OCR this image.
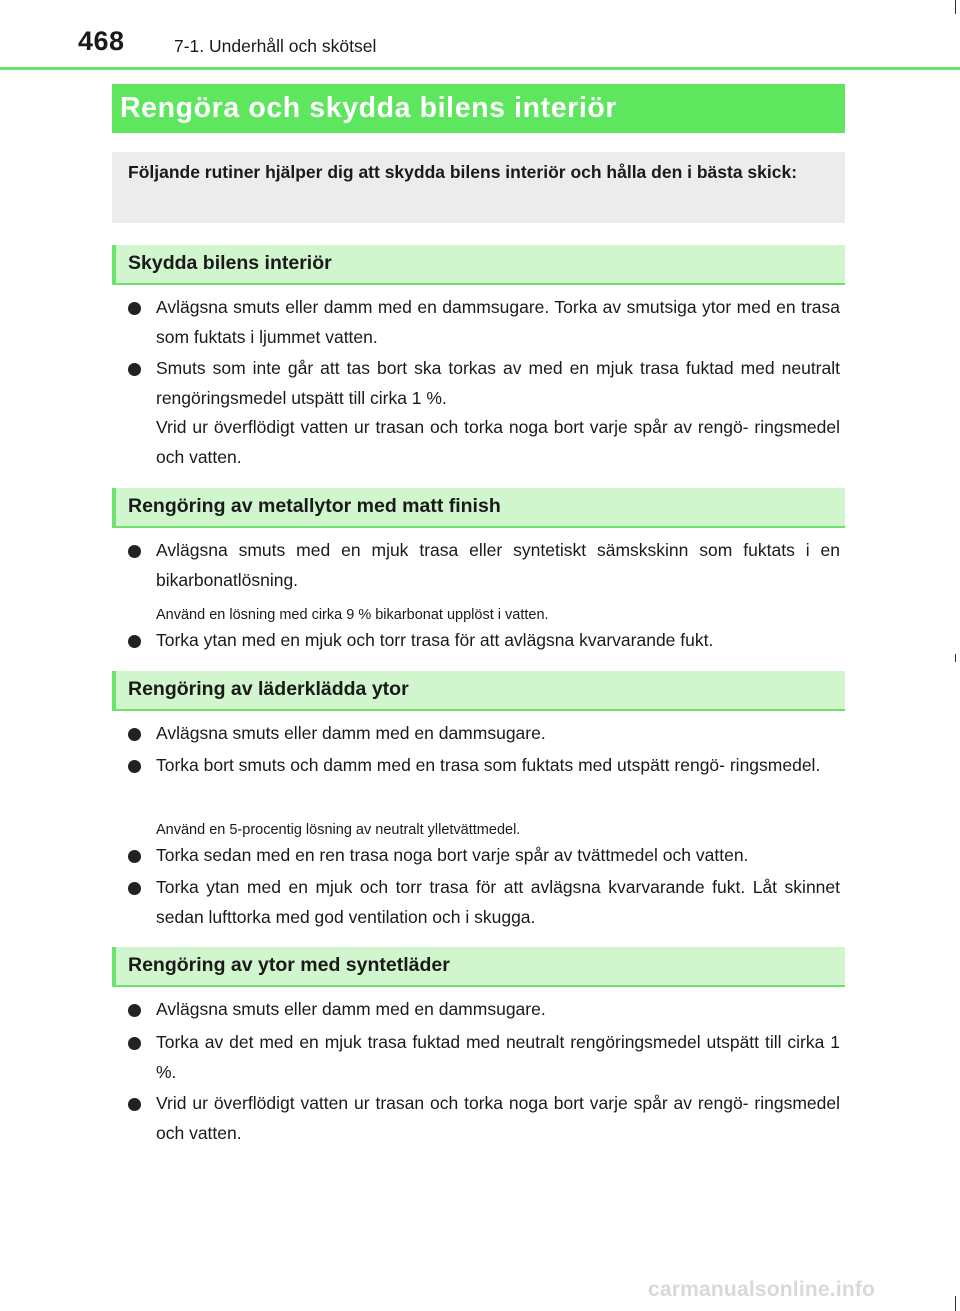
468	7-1. Underhåll och skötsel
Rengöra och skydda bilens interiör
Följande rutiner hjälper dig att skydda bilens interiör och hålla den i bästa skick:
Skydda bilens interiör
Avlägsna smuts eller damm med en dammsugare. Torka av smutsiga ytor med en trasa som fuktats i ljummet vatten.
Smuts som inte går att tas bort ska torkas av med en mjuk trasa fuktad med neutralt rengöringsmedel utspätt till cirka 1 %.
Vrid ur överflödigt vatten ur trasan och torka noga bort varje spår av rengö- ringsmedel och vatten.
Rengöring av metallytor med matt finish
Avlägsna smuts med en mjuk trasa eller syntetiskt sämskskinn som fuktats i en bikarbonatlösning.
Använd en lösning med cirka 9 % bikarbonat upplöst i vatten.
Torka ytan med en mjuk och torr trasa för att avlägsna kvarvarande fukt.
Rengöring av läderklädda ytor
Avlägsna smuts eller damm med en dammsugare.
Torka bort smuts och damm med en trasa som fuktats med utspätt rengö- ringsmedel.
Använd en 5-procentig lösning av neutralt ylletvättmedel.
Torka sedan med en ren trasa noga bort varje spår av tvättmedel och vatten.
Torka ytan med en mjuk och torr trasa för att avlägsna kvarvarande fukt. Låt skinnet sedan lufttorka med god ventilation och i skugga.
Rengöring av ytor med syntetläder
Avlägsna smuts eller damm med en dammsugare.
Torka av det med en mjuk trasa fuktad med neutralt rengöringsmedel utspätt till cirka 1 %.
Vrid ur överflödigt vatten ur trasan och torka noga bort varje spår av rengö- ringsmedel och vatten.
carmanualsonline.info
